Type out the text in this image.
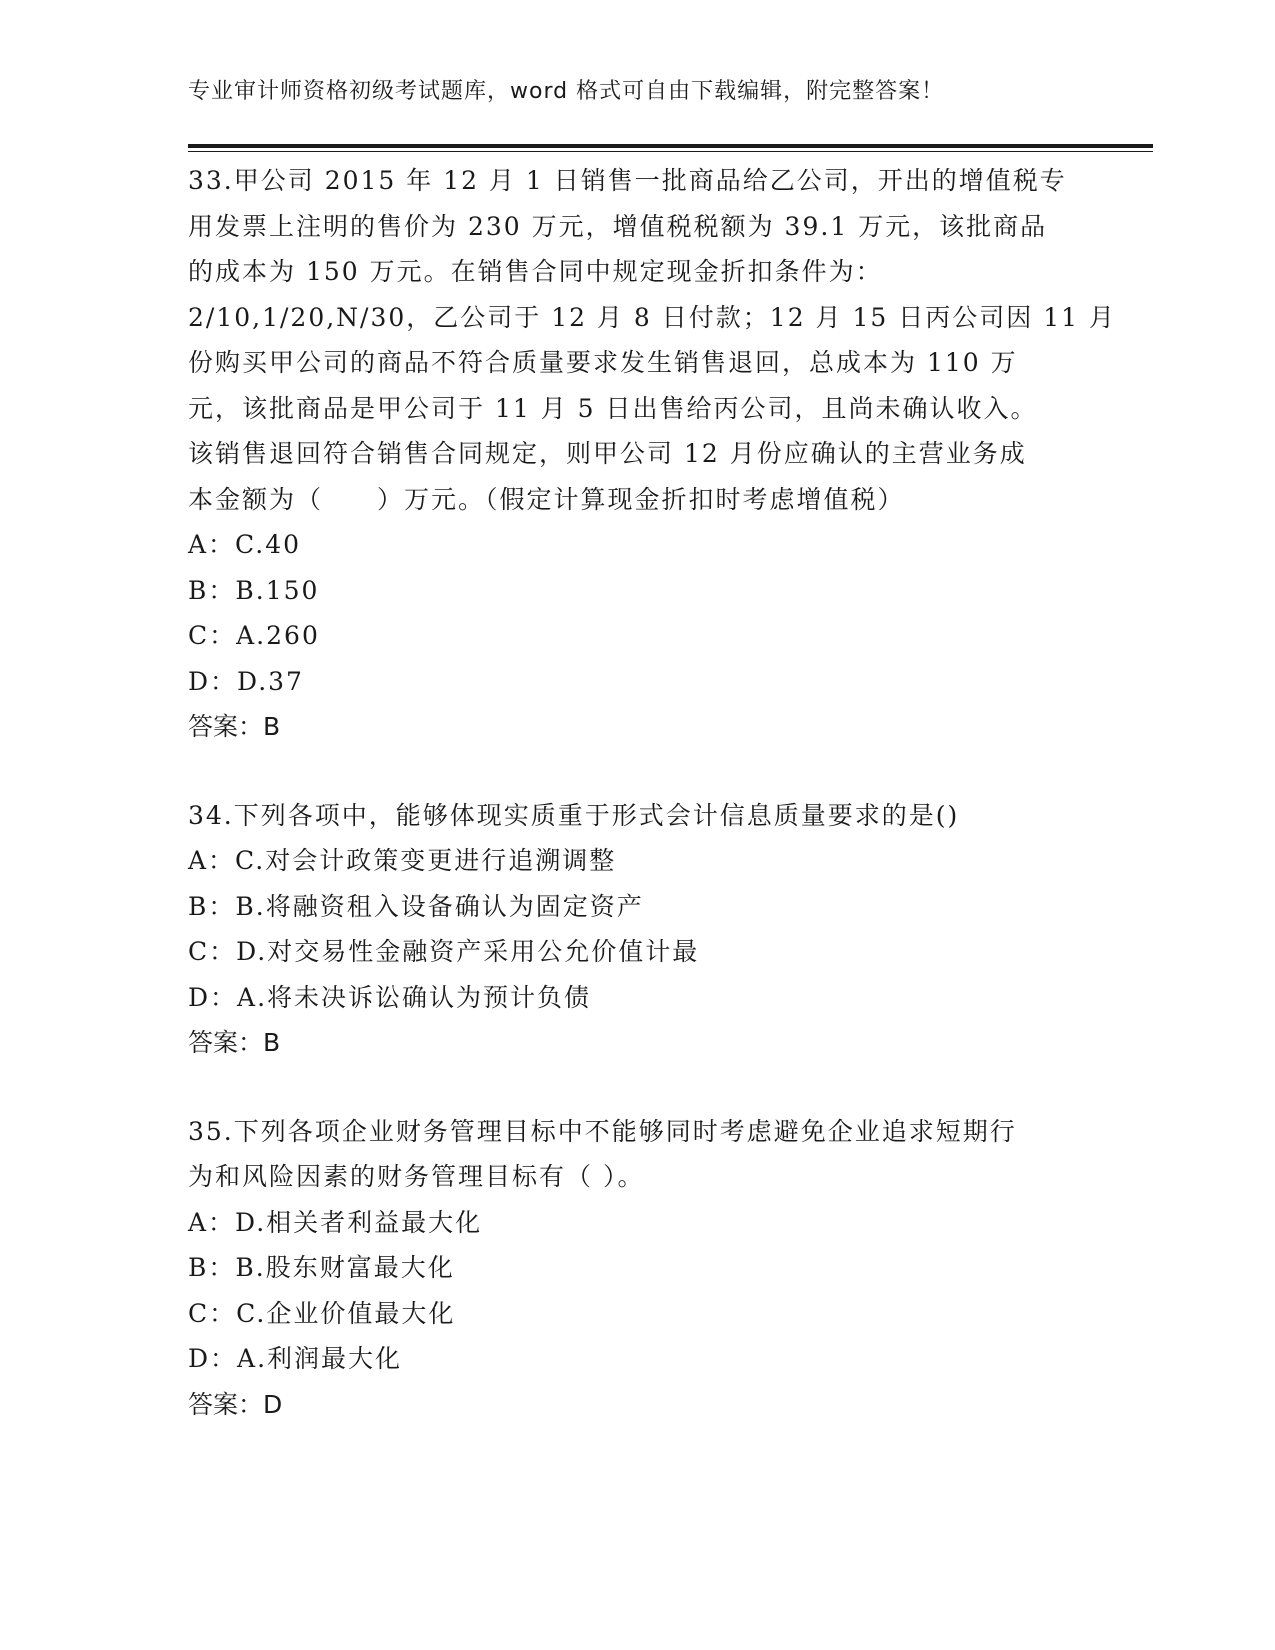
专业审计师资格初级考试题库，word 格式可自由下载编辑，附完整答案！
33.甲公司 2015 年 12 月 1 日销售一批商品给乙公司，开出的增值税专
用发票上注明的售价为 230 万元，增值税税额为 39.1 万元，该批商品
的成本为 150 万元。在销售合同中规定现金折扣条件为：
2/10,1/20,N/30，乙公司于 12 月 8 日付款；12 月 15 日丙公司因 11 月
份购买甲公司的商品不符合质量要求发生销售退回，总成本为 110 万
元，该批商品是甲公司于 11 月 5 日出售给丙公司，且尚未确认收入。
该销售退回符合销售合同规定，则甲公司 12 月份应确认的主营业务成
本金额为（　　）万元。（假定计算现金折扣时考虑增值税）
A：C.40
B：B.150
C：A.260
D：D.37
答案：B
34.下列各项中，能够体现实质重于形式会计信息质量要求的是()
A：C.对会计政策变更进行追溯调整
B：B.将融资租入设备确认为固定资产
C：D.对交易性金融资产采用公允价值计最
D：A.将未决诉讼确认为预计负债
答案：B
35.下列各项企业财务管理目标中不能够同时考虑避免企业追求短期行
为和风险因素的财务管理目标有（ ）。
A：D.相关者利益最大化
B：B.股东财富最大化
C：C.企业价值最大化
D：A.利润最大化
答案：D
